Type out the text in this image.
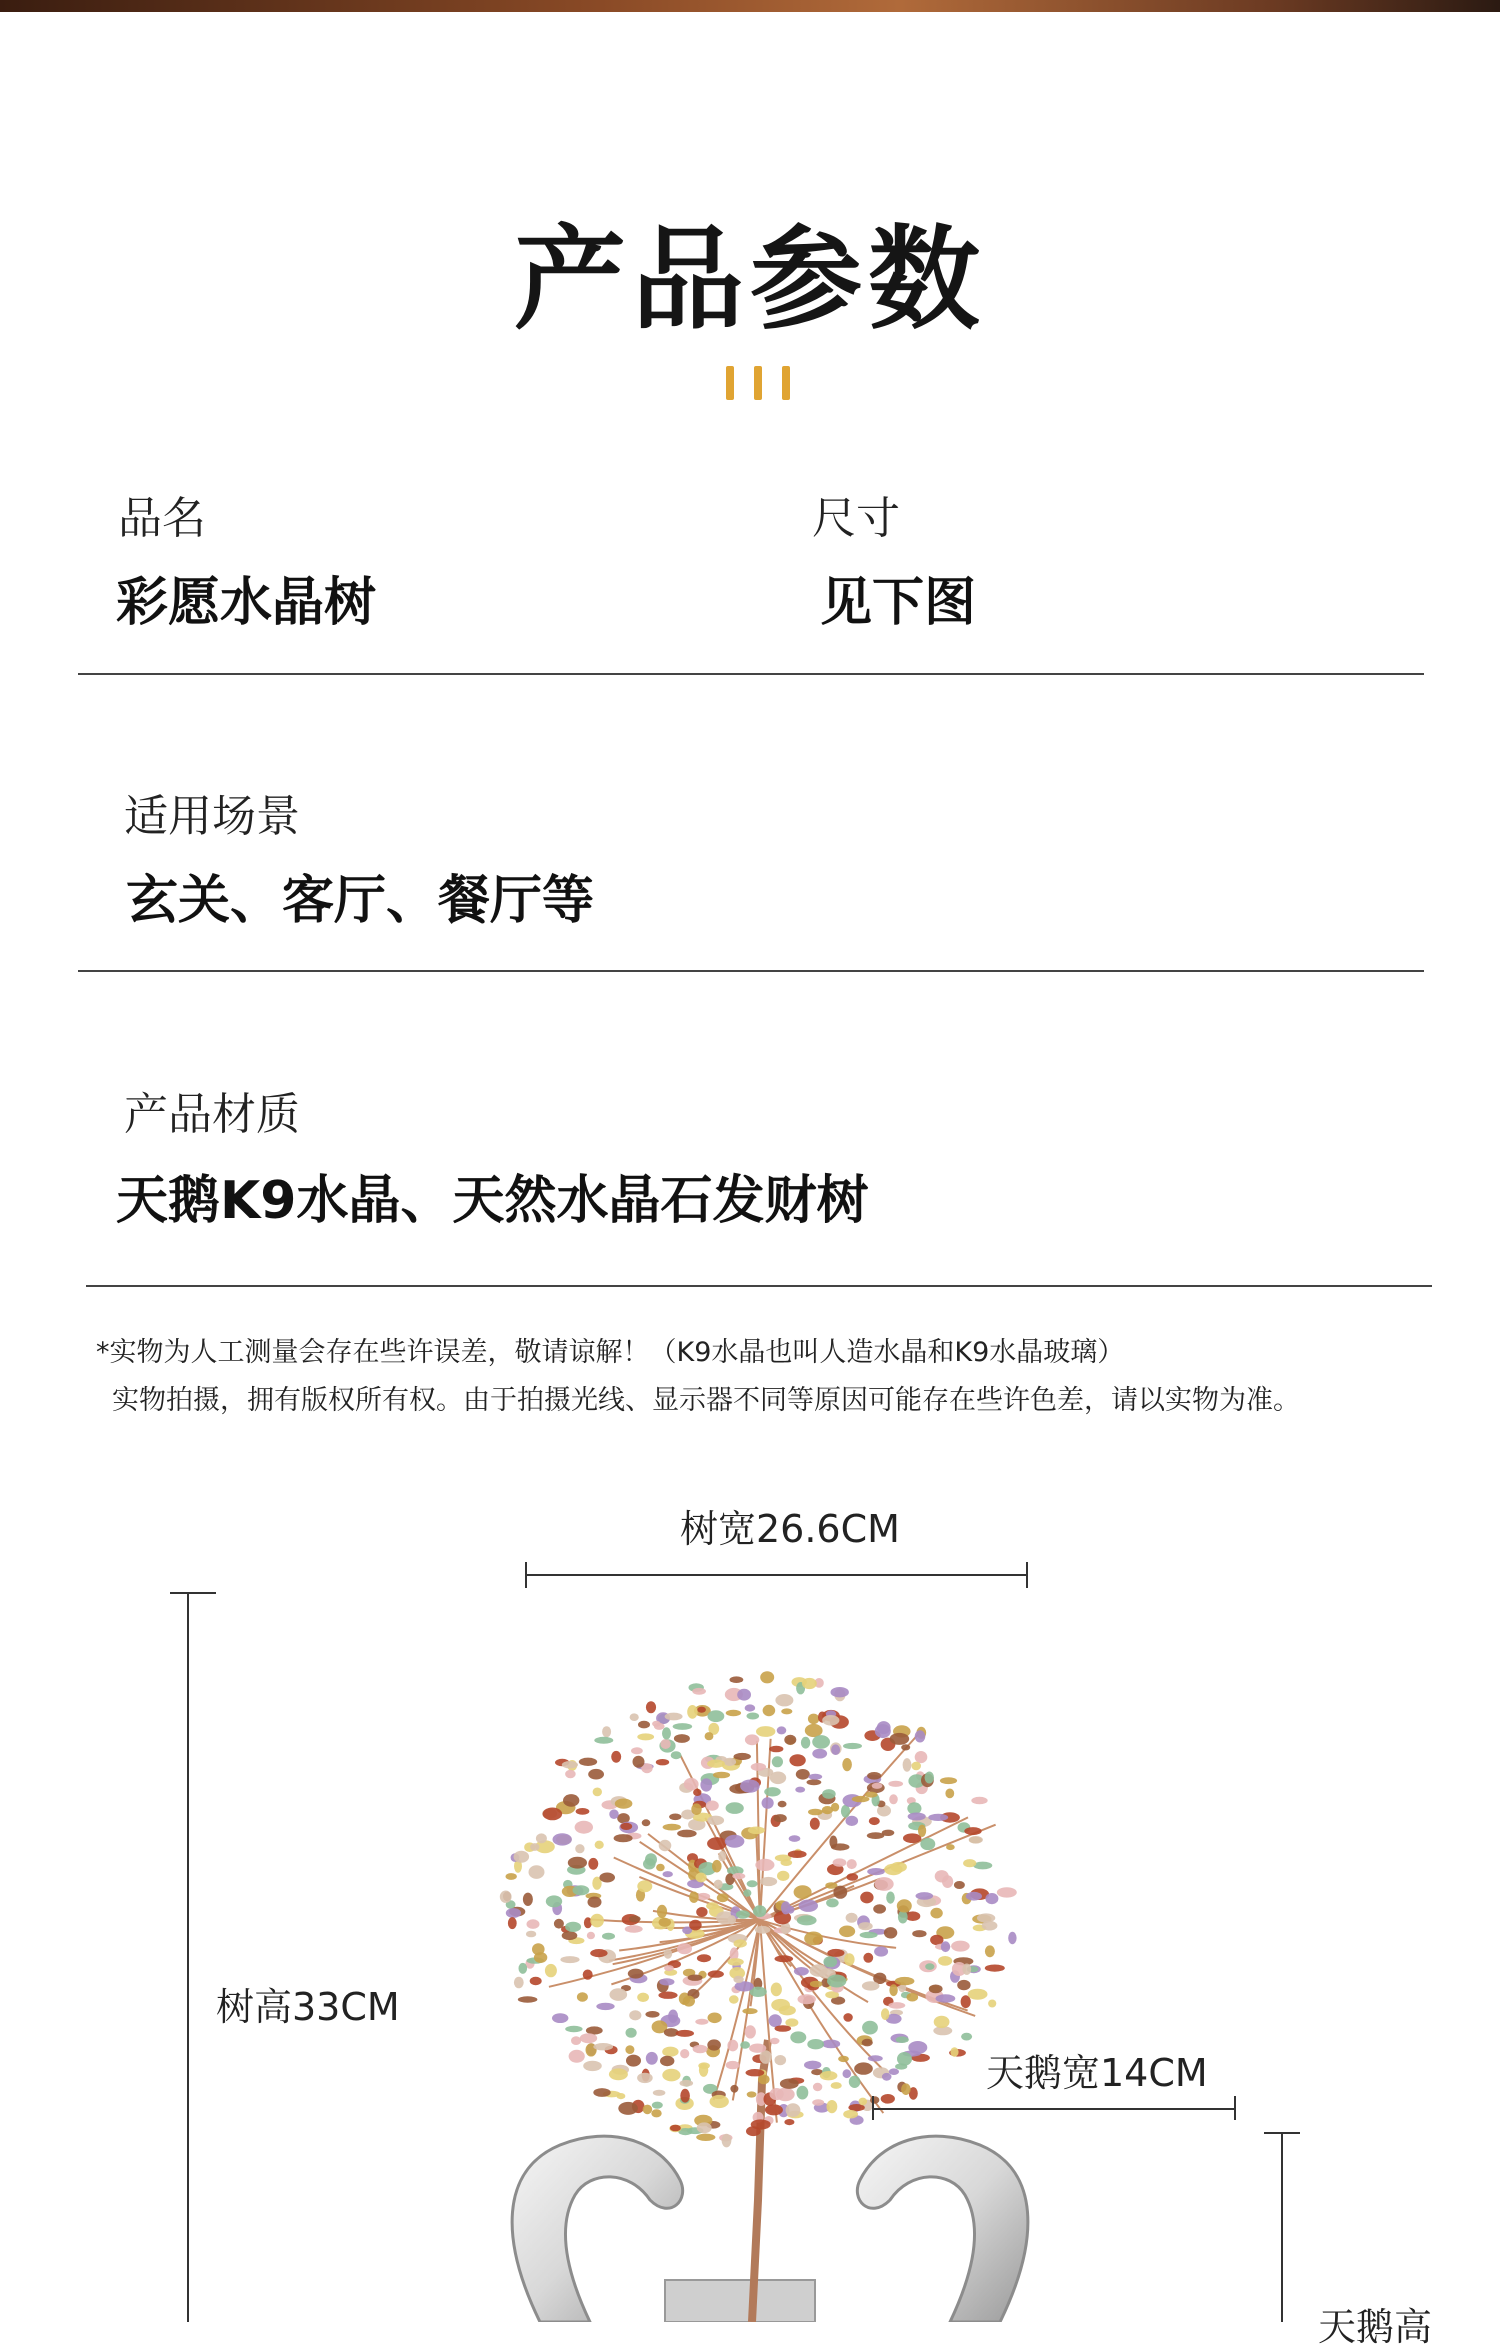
产品参数
品名
彩愿水晶树
尺寸
见下图
适用场景
玄关、客厅、餐厅等
产品材质
天鹅K9水晶、天然水晶石发财树
*实物为人工测量会存在些许误差，敬请谅解！（K9水晶也叫人造水晶和K9水晶玻璃）
实物拍摄，拥有版权所有权。由于拍摄光线、显示器不同等原因可能存在些许色差，请以实物为准。
树宽26.6CM
树高33CM
天鹅宽14CM
天鹅高
